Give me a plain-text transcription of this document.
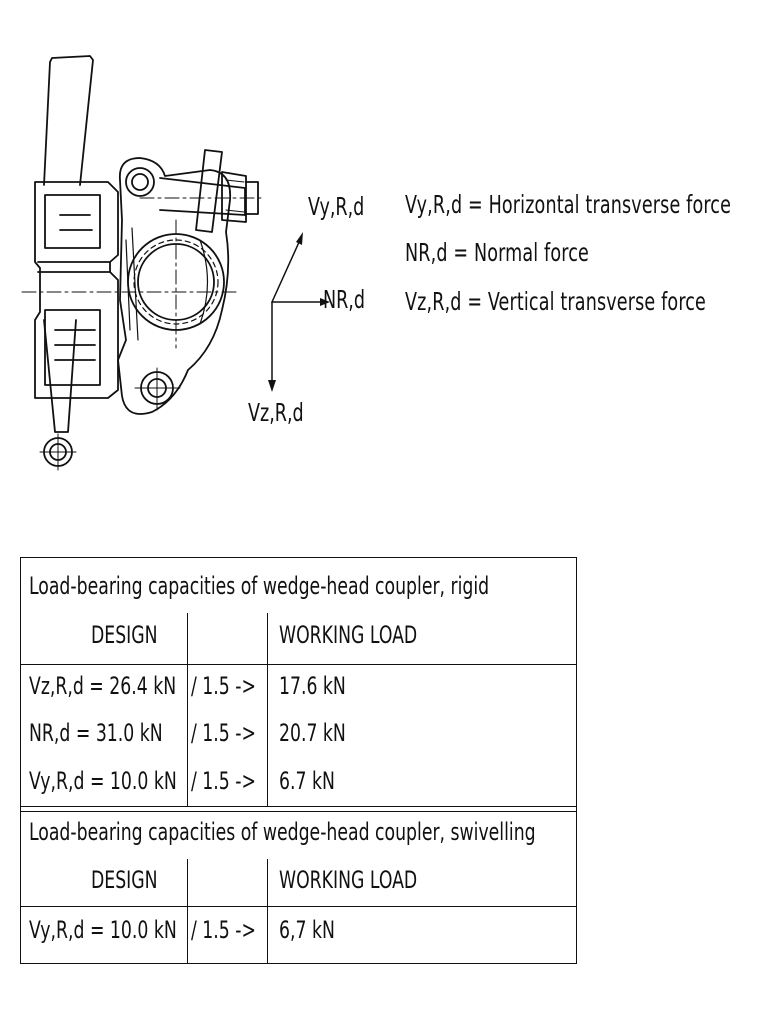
Vy,R,d
NR,d
Vz,R,d
Vy,R,d = Horizontal transverse force
NR,d = Normal force
Vz,R,d = Vertical transverse force
Load-bearing capacities of wedge-head coupler, rigid
DESIGN	WORKING LOAD
Vz,R,d = 26.4 kN / 1.5 -> 17.6 kN
NR,d = 31.0 kN / 1.5 -> 20.7 kN
Vy,R,d = 10.0 kN / 1.5 -> 6.7 kN
Load-bearing capacities of wedge-head coupler, swivelling
DESIGN	WORKING LOAD
Vy,R,d = 10.0 kN / 1.5 -> 6,7 kN
